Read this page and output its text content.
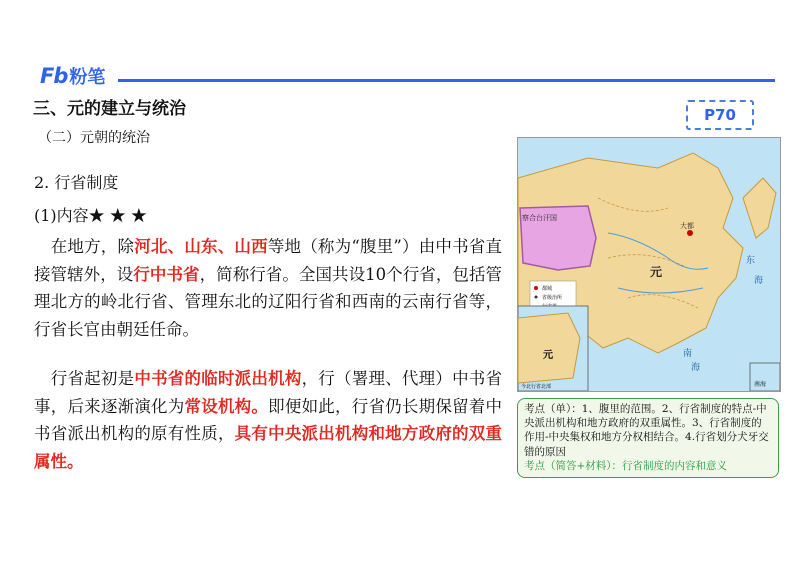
Fb 粉笔
三、元的建立与统治
（二）元朝的统治
2. 行省制度
(1)内容★ ★ ★
 在地方，除河北、山东、山西等地（称为“腹里”）由中书省直接管辖外，设行中书省，简称行省。全国共设10个行省，包括管理北方的岭北行省、管理东北的辽阳行省和西南的云南行省等，行省长官由朝廷任命。
 行省起初是中书省的临时派出机构，行（署理、代理）中书省事，后来逐渐演化为常设机构。即便如此，行省仍长期保留着中书省派出机构的原有性质，具有中央派出机构和地方政府的双重属性。
P70
察合台汗国
大都
元
东
海
南
海
都城
省级治所
元
今北行省北部	南海
考点（单）：1、腹里的范围。2、行省制度的特点-中央派出机构和地方政府的双重属性。3、行省制度的作用-中央集权和地方分权相结合。4.行省划分犬牙交错的原因
考点（简答+材料）：行省制度的内容和意义
